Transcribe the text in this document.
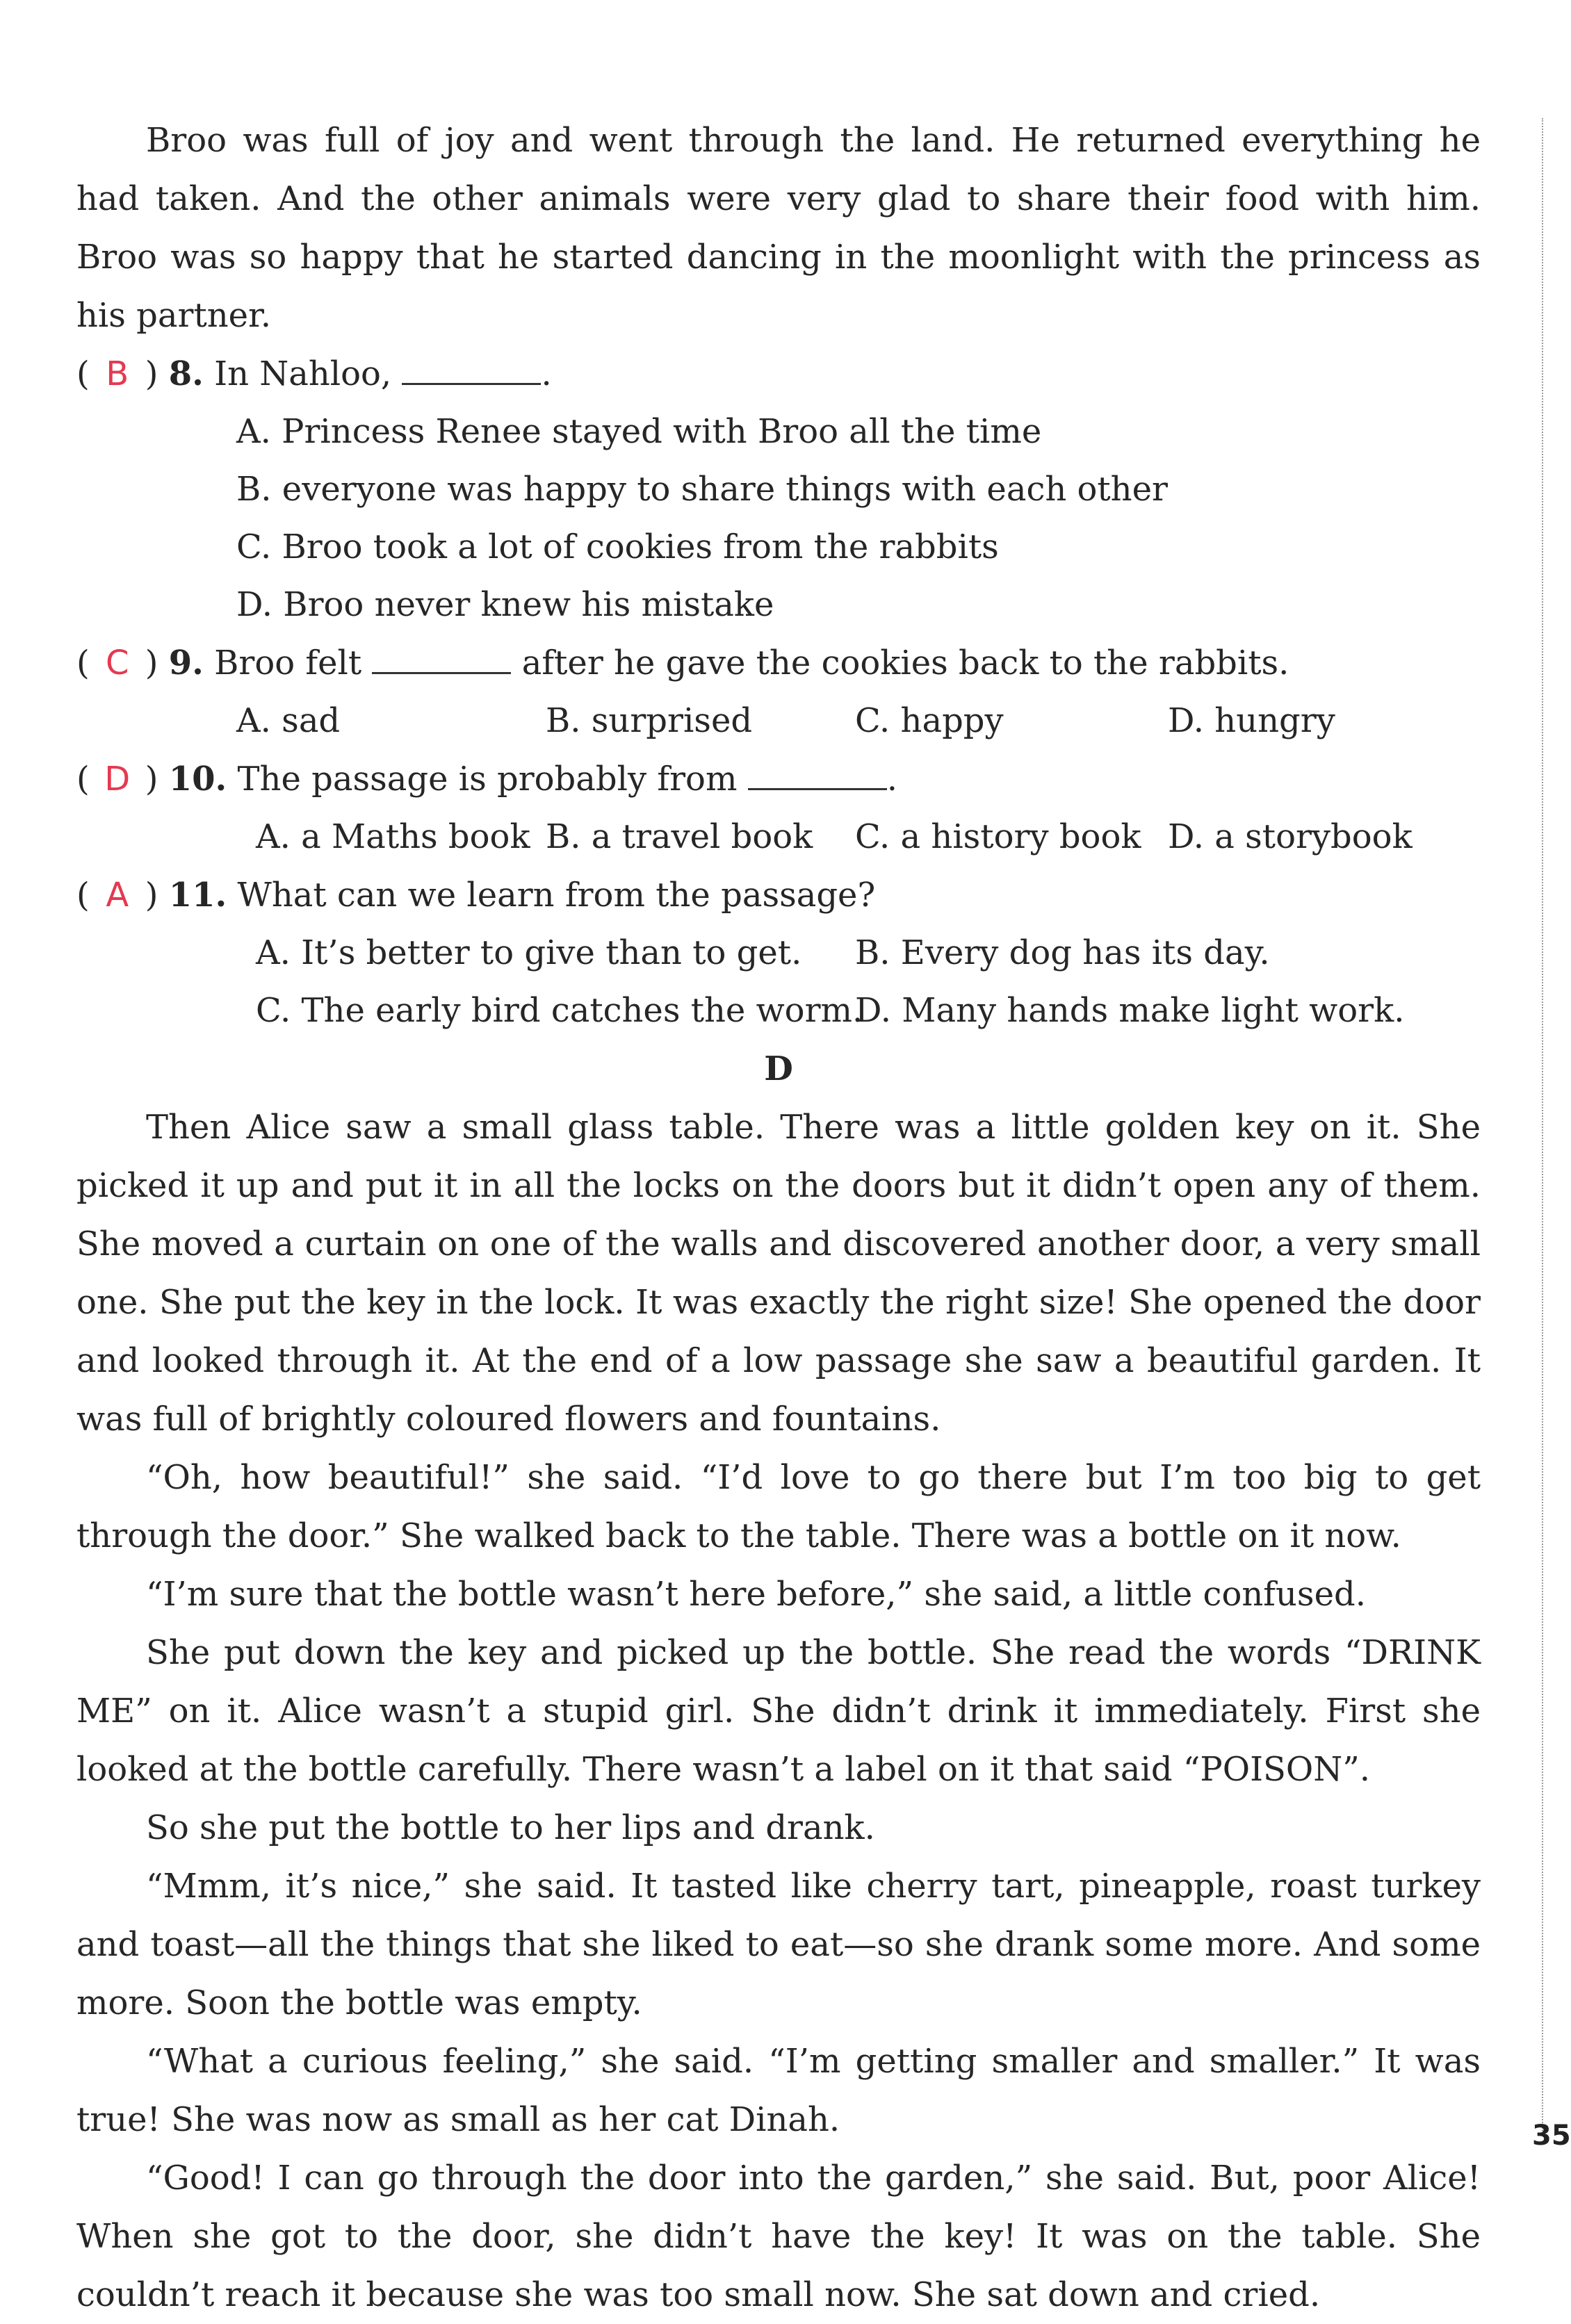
Broo was full of joy and went through the land. He returned everything he had taken. And the other animals were very glad to share their food with him. Broo was so happy that he started dancing in the moonlight with the princess as his partner.

( B ) 8. In Nahloo,	.
A. Princess Renee stayed with Broo all the time
B. everyone was happy to share things with each other
C. Broo took a lot of cookies from the rabbits
D. Broo never knew his mistake
( C ) 9. Broo felt	after he gave the cookies back to the rabbits.
A. sad	B. surprised	C. happy	D. hungry
( D ) 10. The passage is probably from	.
A. a Maths book B. a travel book C. a history book D. a storybook
( A ) 11. What can we learn from the passage?
A. It’s better to give than to get. B. Every dog has its day.
C. The early bird catches the worm.
D. Many hands make light work.
D

Then Alice saw a small glass table. There was a little golden key on it. She picked it up and put it in all the locks on the doors but it didn’t open any of them. She moved a curtain on one of the walls and discovered another door, a very small one. She put the key in the lock. It was exactly the right size! She opened the door and looked through it. At the end of a low passage she saw a beautiful garden. It was full of brightly coloured flowers and fountains.

“Oh, how beautiful!” she said. “I’d love to go there but I’m too big to get through the door.” She walked back to the table. There was a bottle on it now.

“I’m sure that the bottle wasn’t here before,” she said, a little confused.

She put down the key and picked up the bottle. She read the words “DRINK ME” on it. Alice wasn’t a stupid girl. She didn’t drink it immediately. First she looked at the bottle carefully. There wasn’t a label on it that said “POISON”.

So she put the bottle to her lips and drank.

“Mmm, it’s nice,” she said. It tasted like cherry tart, pineapple, roast turkey and toast—all the things that she liked to eat—so she drank some more. And some more. Soon the bottle was empty.

“What a curious feeling,” she said. “I’m getting smaller and smaller.” It was true! She was now as small as her cat Dinah.

“Good! I can go through the door into the garden,” she said. But, poor Alice! When she got to the door, she didn’t have the key! It was on the table. She couldn’t reach it because she was too small now. She sat down and cried.

35
